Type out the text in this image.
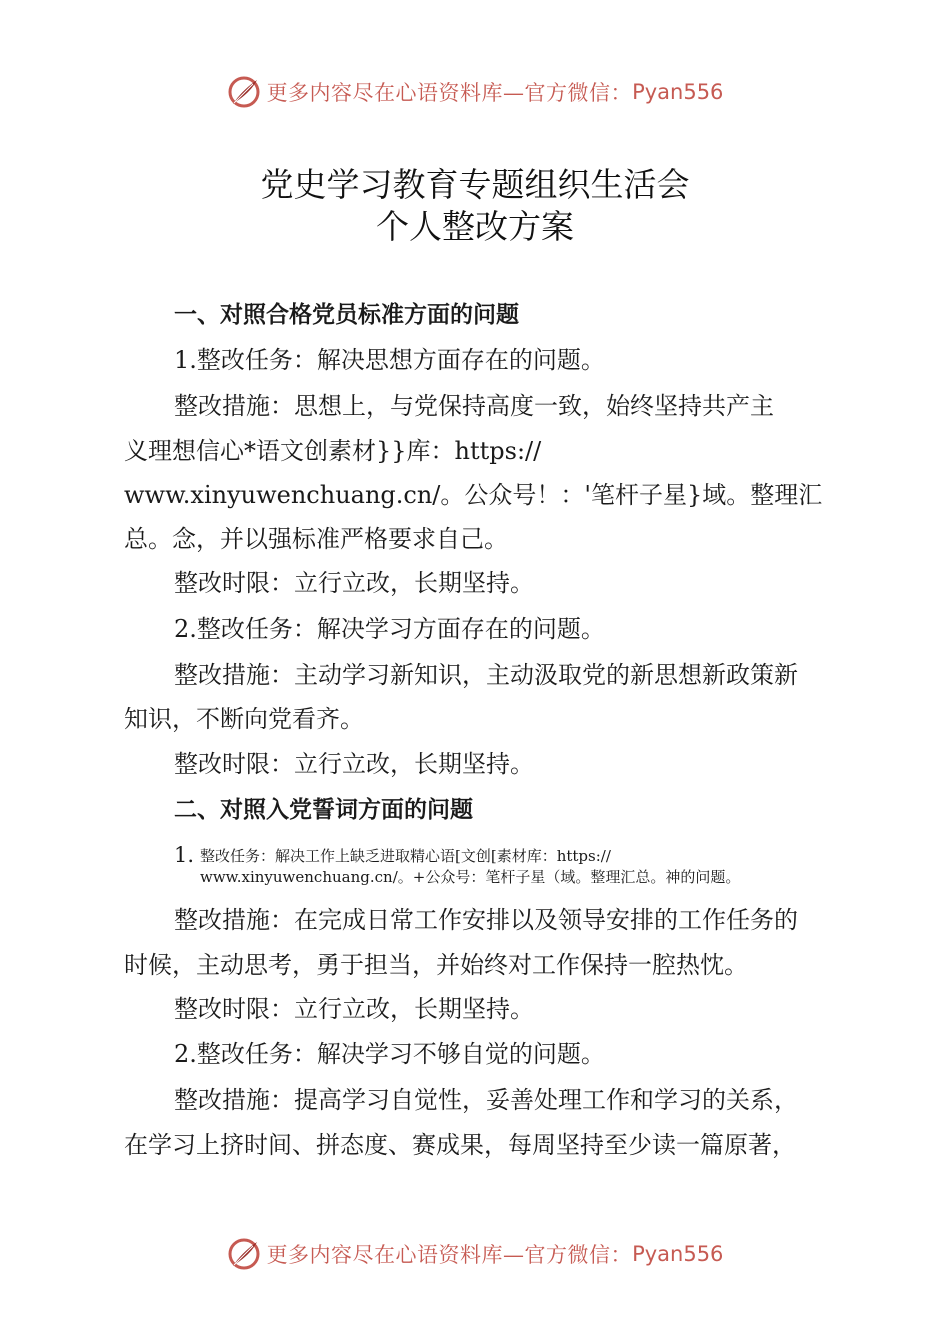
更多内容尽在心语资料库—官方微信： Pyan556
党史学习教育专题组织生活会
个人整改方案
一、对照合格党员标准方面的问题
1.整改任务：解决思想方面存在的问题。
整改措施：思想上，与党保持高度一致，始终坚持共产主
义理想信心*语文创素材}}库：https://
www.xinyuwenchuang.cn/。公众号！：'笔杆子星}域。整理汇
总。念，并以强标准严格要求自己。
整改时限：立行立改，长期坚持。
2.整改任务：解决学习方面存在的问题。
整改措施：主动学习新知识，主动汲取党的新思想新政策新
知识，不断向党看齐。
整改时限：立行立改，长期坚持。
二、对照入党誓词方面的问题
1. 整改任务：解决工作上缺乏进取精心语[文创[素材库：https://
www.xinyuwenchuang.cn/。+公众号：笔杆子星（域。整理汇总。神的问题。
整改措施：在完成日常工作安排以及领导安排的工作任务的
时候，主动思考，勇于担当，并始终对工作保持一腔热忱。
整改时限：立行立改，长期坚持。
2.整改任务：解决学习不够自觉的问题。
整改措施：提高学习自觉性，妥善处理工作和学习的关系，
在学习上挤时间、拼态度、赛成果，每周坚持至少读一篇原著，
更多内容尽在心语资料库—官方微信： Pyan556
